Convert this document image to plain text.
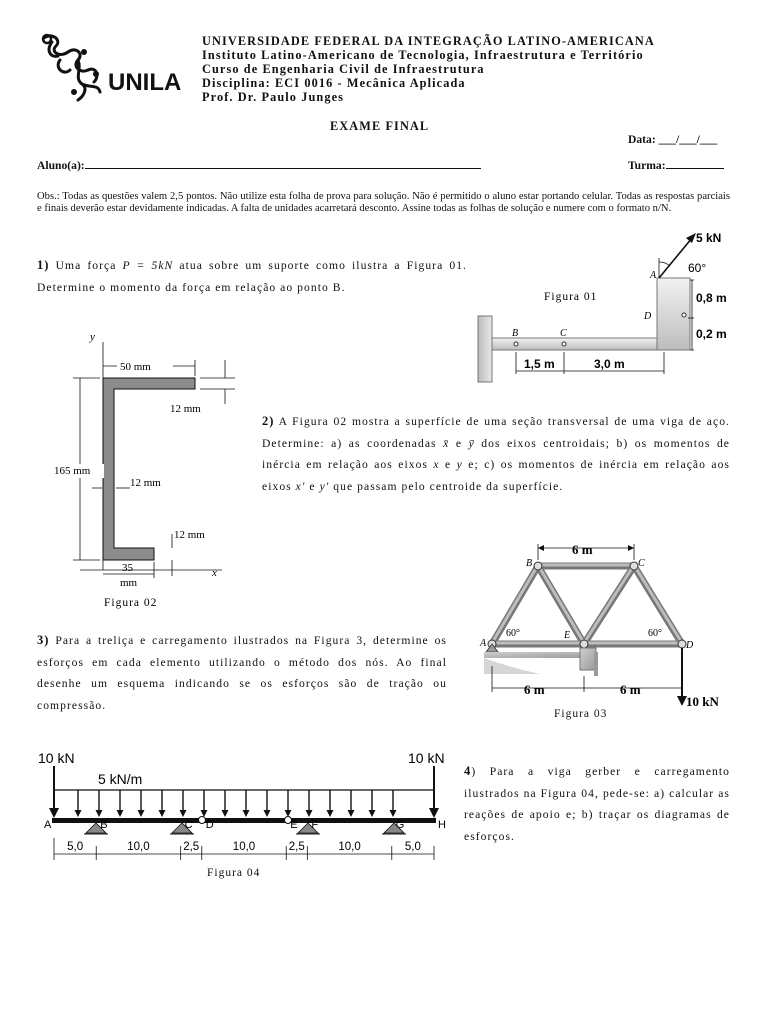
UNILA
UNIVERSIDADE FEDERAL DA INTEGRAÇÃO LATINO-AMERICANA
Instituto Latino-Americano de Tecnologia, Infraestrutura e Território
Curso de Engenharia Civil de Infraestrutura
Disciplina: ECI 0016 - Mecânica Aplicada
Prof. Dr. Paulo Junges
EXAME FINAL
Data: ___/___/___
Aluno(a):	Turma:
Obs.: Todas as questões valem 2,5 pontos. Não utilize esta folha de prova para solução. Não é permitido o aluno estar portando celular. Todas as respostas parciais e finais deverão estar devidamente indicadas. A falta de unidades acarretará desconto. Assine todas as folhas de solução e numere com o formato n/N.
1) Uma força P = 5kN atua sobre um suporte como ilustra a Figura 01. Determine o momento da força em relação ao ponto B.
5 kN
60°
A
D
B	C
0,8 m
0,2 m
1,5 m	3,0 m
Figura 01
y
x
50 mm
12 mm
165 mm
12 mm
12 mm
35
mm
Figura 02
2) A Figura 02 mostra a superfície de uma seção transversal de uma viga de aço. Determine: a) as coordenadas x̄ e ȳ dos eixos centroidais; b) os momentos de inércia em relação aos eixos x e y e; c) os momentos de inércia em relação aos eixos x′ e y′ que passam pelo centroide da superfície.
6 m
B	C
A
E
D
60°	60°
6 m	6 m
10 kN
Figura 03
3) Para a treliça e carregamento ilustrados na Figura 3, determine os esforços em cada elemento utilizando o método dos nós. Ao final desenhe um esquema indicando se os esforços são de tração ou compressão.
10 kN	10 kN
5 kN/m
A	B	C D	E F	G	H
5,0	10,0	2,5	10,0	2,5	10,0	5,0
Figura 04
4) Para a viga gerber e carregamento ilustrados na Figura 04, pede-se: a) calcular as reações de apoio e; b) traçar os diagramas de esforços.
